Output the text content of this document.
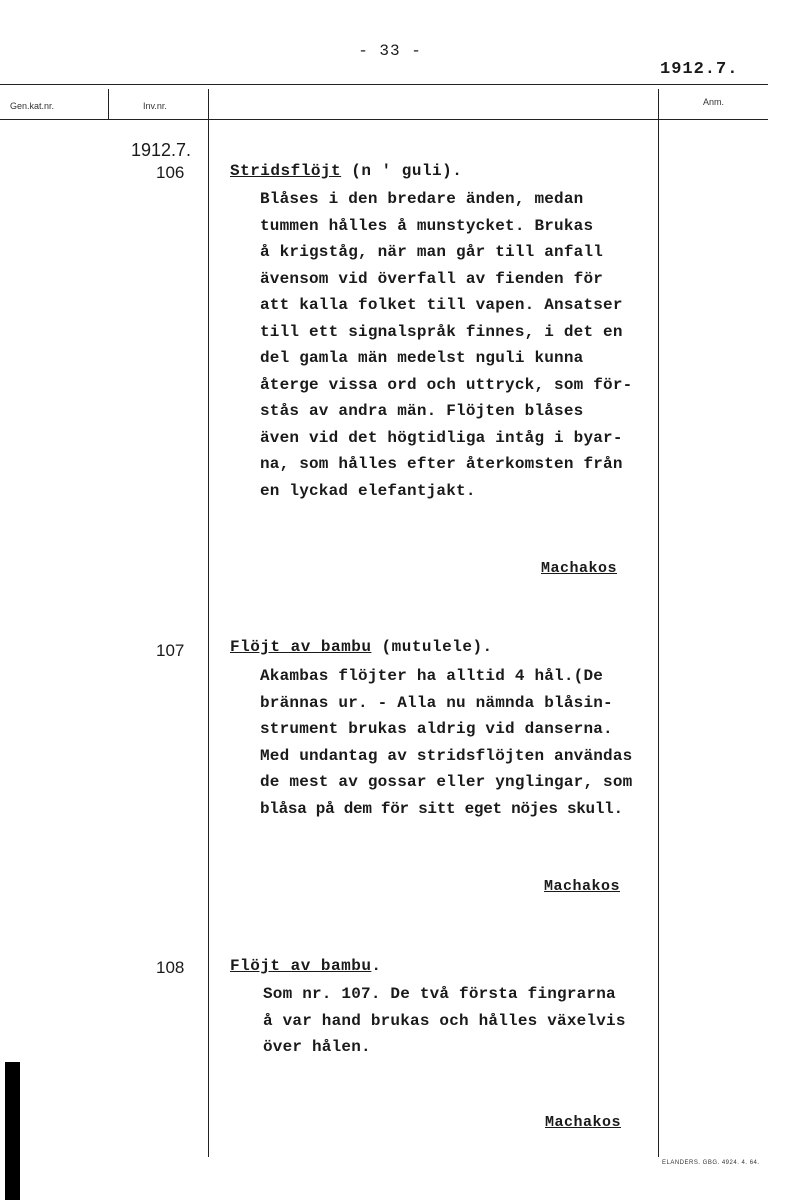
- 33 -
1912.7.
Gen.kat.nr.	Inv.nr.	Anm.
1912.7.
106	Stridsflöjt (n ' guli).
Blåses i den bredare änden, medan
tummen hålles å munstycket. Brukas
å krigståg, när man går till anfall
ävensom vid överfall av fienden för
att kalla folket till vapen. Ansatser
till ett signalspråk finnes, i det en
del gamla män medelst nguli kunna
återge vissa ord och uttryck, som för-
stås av andra män. Flöjten blåses
även vid det högtidliga intåg i byar-
na, som hålles efter återkomsten från
en lyckad elefantjakt.
Machakos
107	Flöjt av bambu (mutulele).
Akambas flöjter ha alltid 4 hål.(De
brännas ur. - Alla nu nämnda blåsin-
strument brukas aldrig vid danserna.
Med undantag av stridsflöjten användas
de mest av gossar eller ynglingar, som
blåsa på dem för sitt eget nöjes skull.
Machakos
108	Flöjt av bambu.
Som nr. 107. De två första fingrarna
å var hand brukas och hålles växelvis
över hålen.
Machakos
ELANDERS. GBG. 4924. 4. 64.
